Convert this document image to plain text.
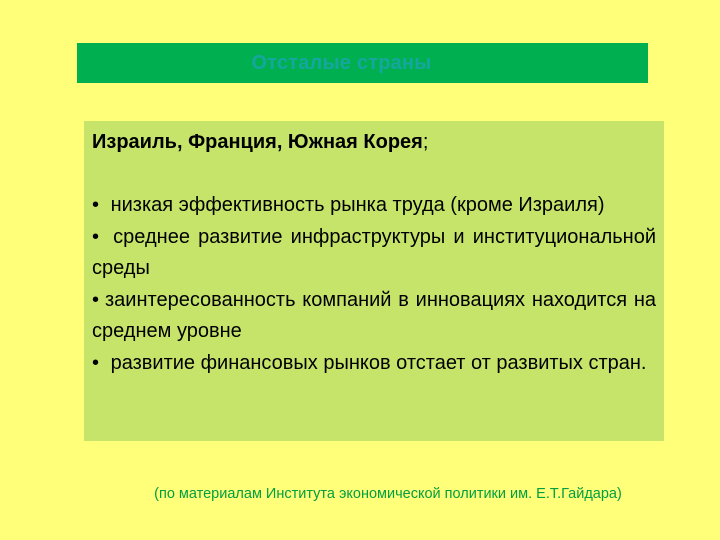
Отсталые страны

Израиль, Франция, Южная Корея;

• низкая эффективность рынка труда (кроме Израиля)

• среднее развитие инфраструктуры и институциональной среды

• заинтересованность компаний в инновациях находится на среднем уровне

• развитие финансовых рынков отстает от развитых стран.

(по материалам Института экономической политики им. Е.Т.Гайдара)
